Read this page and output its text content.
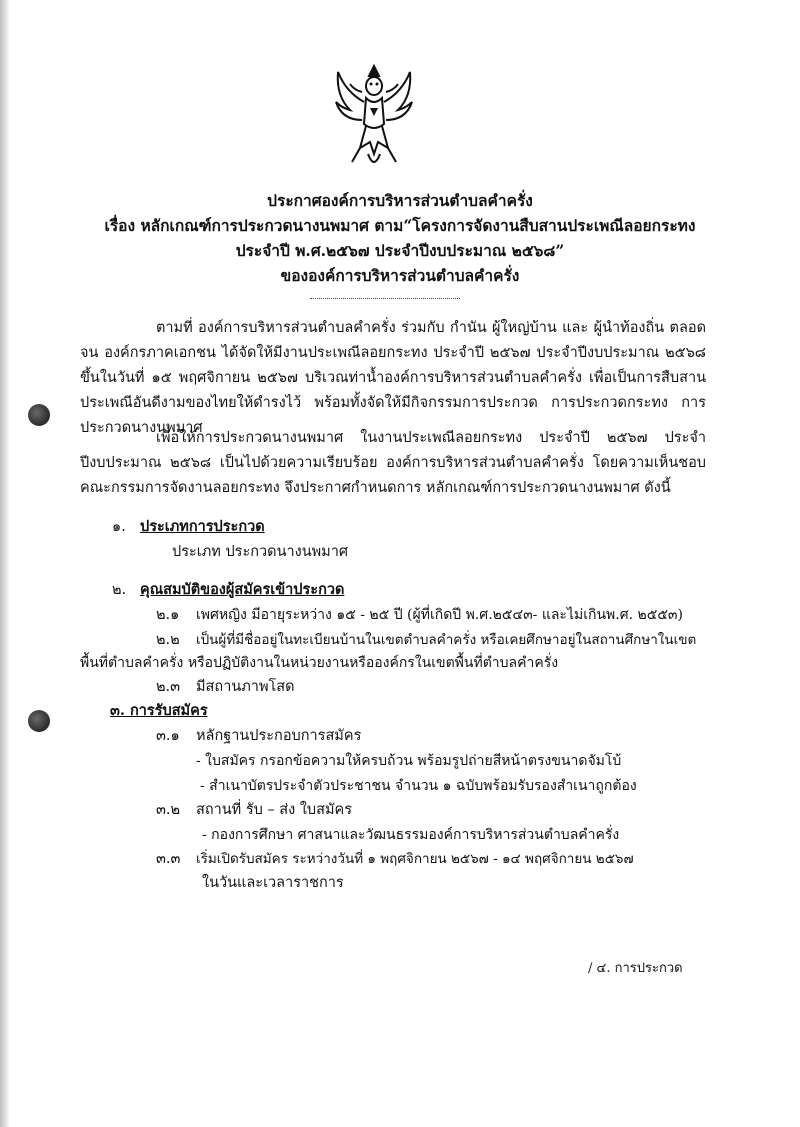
ประกาศองค์การบริหารส่วนตำบลคำครั่ง
เรื่อง หลักเกณฑ์การประกวดนางนพมาศ ตาม“โครงการจัดงานสืบสานประเพณีลอยกระทง
ประจำปี พ.ศ.๒๕๖๗ ประจำปีงบประมาณ ๒๕๖๘”
ขององค์การบริหารส่วนตำบลคำครั่ง
ตามที่ องค์การบริหารส่วนตำบลคำครั่ง ร่วมกับ กำนัน ผู้ใหญ่บ้าน และ ผู้นำท้องถิ่น ตลอดจน องค์กรภาคเอกชน ได้จัดให้มีงานประเพณีลอยกระทง ประจำปี ๒๕๖๗ ประจำปีงบประมาณ ๒๕๖๘ ขึ้นในวันที่ ๑๕ พฤศจิกายน ๒๕๖๗ บริเวณท่าน้ำองค์การบริหารส่วนตำบลคำครั่ง เพื่อเป็นการสืบสานประเพณีอันดีงามของไทยให้ดำรงไว้ พร้อมทั้งจัดให้มีกิจกรรมการประกวด การประกวดกระทง การประกวดนางนพมาศ
เพื่อให้การประกวดนางนพมาศ ในงานประเพณีลอยกระทง ประจำปี ๒๕๖๗ ประจำปีงบประมาณ ๒๕๖๘ เป็นไปด้วยความเรียบร้อย องค์การบริหารส่วนตำบลคำครั่ง โดยความเห็นชอบคณะกรรมการจัดงานลอยกระทง จึงประกาศกำหนดการ หลักเกณฑ์การประกวดนางนพมาศ ดังนี้
๑. ประเภทการประกวด
ประเภท ประกวดนางนพมาศ
๒. คุณสมบัติของผู้สมัครเข้าประกวด
๒.๑ เพศหญิง มีอายุระหว่าง ๑๕ - ๒๕ ปี (ผู้ที่เกิดปี พ.ศ.๒๕๔๓- และไม่เกินพ.ศ. ๒๕๕๓)
๒.๒ เป็นผู้ที่มีชื่ออยู่ในทะเบียนบ้านในเขตตำบลคำครั่ง หรือเคยศึกษาอยู่ในสถานศึกษาในเขต
พื้นที่ตำบลคำครั่ง หรือปฏิบัติงานในหน่วยงานหรือองค์กรในเขตพื้นที่ตำบลคำครั่ง
๒.๓ มีสถานภาพโสด
๓. การรับสมัคร
๓.๑ หลักฐานประกอบการสมัคร
- ใบสมัคร กรอกข้อความให้ครบถ้วน พร้อมรูปถ่ายสีหน้าตรงขนาดจัมโบ้
- สำเนาบัตรประจำตัวประชาชน จำนวน ๑ ฉบับพร้อมรับรองสำเนาถูกต้อง
๓.๒ สถานที่ รับ – ส่ง ใบสมัคร
- กองการศึกษา ศาสนาและวัฒนธรรมองค์การบริหารส่วนตำบลคำครั่ง
๓.๓ เริ่มเปิดรับสมัคร ระหว่างวันที่ ๑ พฤศจิกายน ๒๕๖๗ - ๑๔ พฤศจิกายน ๒๕๖๗
ในวันและเวลาราชการ
/ ๔. การประกวด
